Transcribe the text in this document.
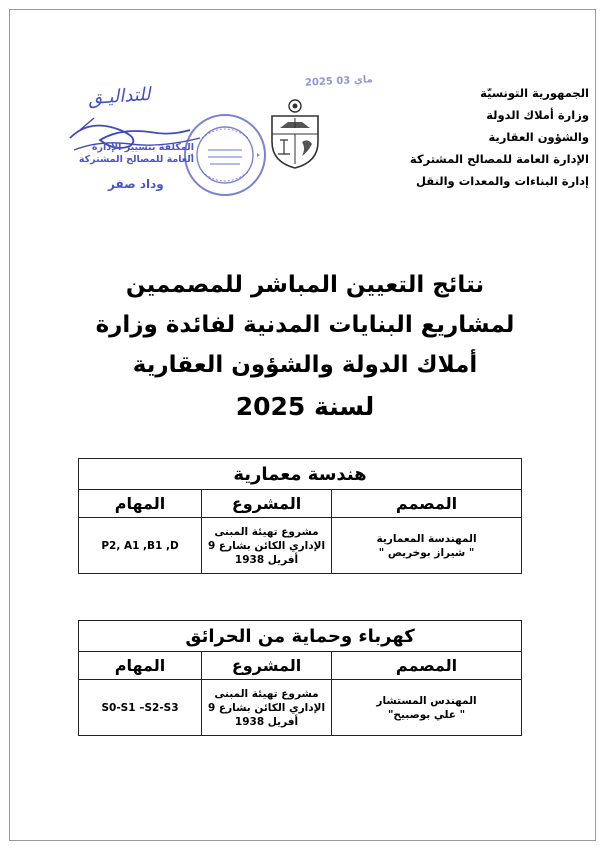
الجمهورية التونسيّة
وزارة أملاك الدولة
والشؤون العقارية
الإدارة العامة للمصالح المشتركة
إدارة البناءات والمعدات والنقل
2025 ماي 03
للتداليـق
المكلفة بتسيير الإدارة العامة للمصالح المشتركة
وداد صفر
نتائج التعيين المباشر للمصممين
لمشاريع البنايات المدنية لفائدة وزارة
أملاك الدولة والشؤون العقارية
لسنة 2025
هندسة معمارية		
المصمم	المشروع	المهام

المهندسة المعمارية
" شيراز بوخريص "	مشروع تهيئة المبنى الإداري الكائن بشارع 9 أفريل 1938	P2, A1 ,B1 ,D
كهرباء وحماية من الحرائق		
المصمم	المشروع	المهام

المهندس المستشار
" علي بوصبيح"	مشروع تهيئة المبنى الإداري الكائن بشارع 9 أفريل 1938	S0-S1 –S2-S3
